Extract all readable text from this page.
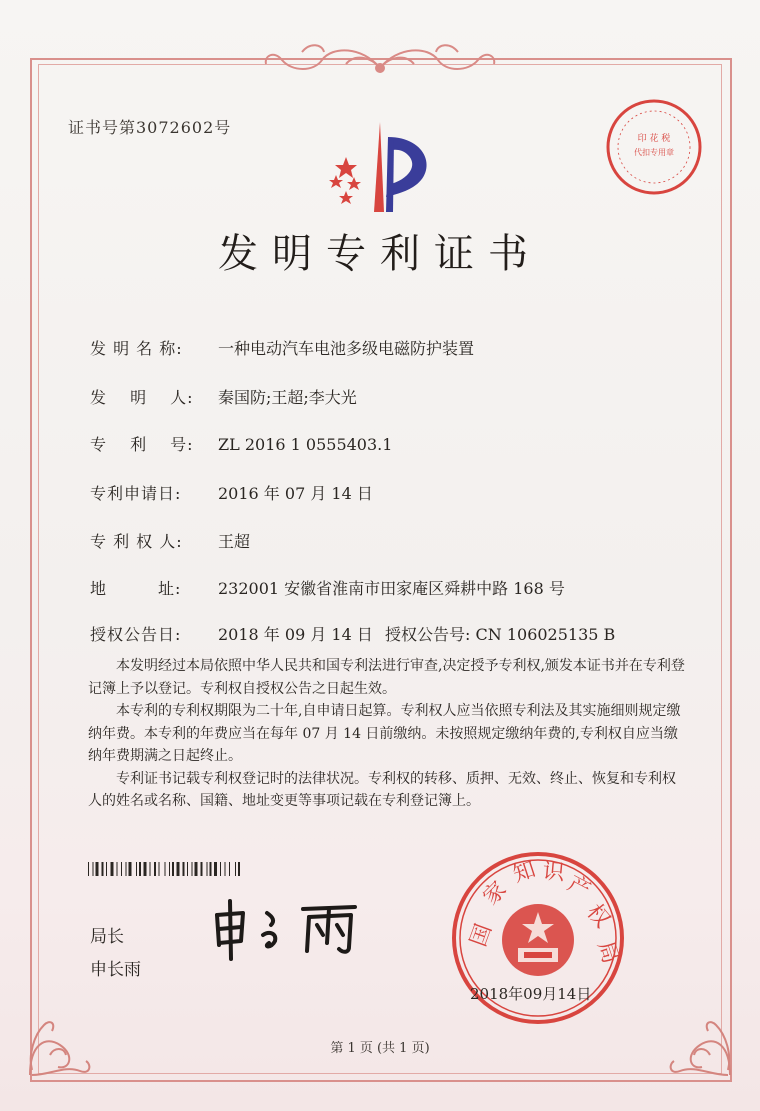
证书号第3072602号
印 花 税
代扣专用章
发明专利证书
发 明 名 称: 一种电动汽车电池多级电磁防护装置
发　 明　 人: 秦国防;王超;李大光
专　 利　 号: ZL 2016 1 0555403.1
专利申请日: 2016 年 07 月 14 日
专 利 权 人: 王超
地　　　址: 232001 安徽省淮南市田家庵区舜耕中路 168 号
授权公告日: 2018 年 09 月 14 日 授权公告号: CN 106025135 B

本发明经过本局依照中华人民共和国专利法进行审查,决定授予专利权,颁发本证书并在专利登记簿上予以登记。专利权自授权公告之日起生效。

本专利的专利权期限为二十年,自申请日起算。专利权人应当依照专利法及其实施细则规定缴纳年费。本专利的年费应当在每年 07 月 14 日前缴纳。未按照规定缴纳年费的,专利权自应当缴纳年费期满之日起终止。

专利证书记载专利权登记时的法律状况。专利权的转移、质押、无效、终止、恢复和专利权人的姓名或名称、国籍、地址变更等事项记载在专利登记簿上。

局长
申长雨
国
家
知 识
产
权
局
2018年09月14日
第 1 页 (共 1 页)
